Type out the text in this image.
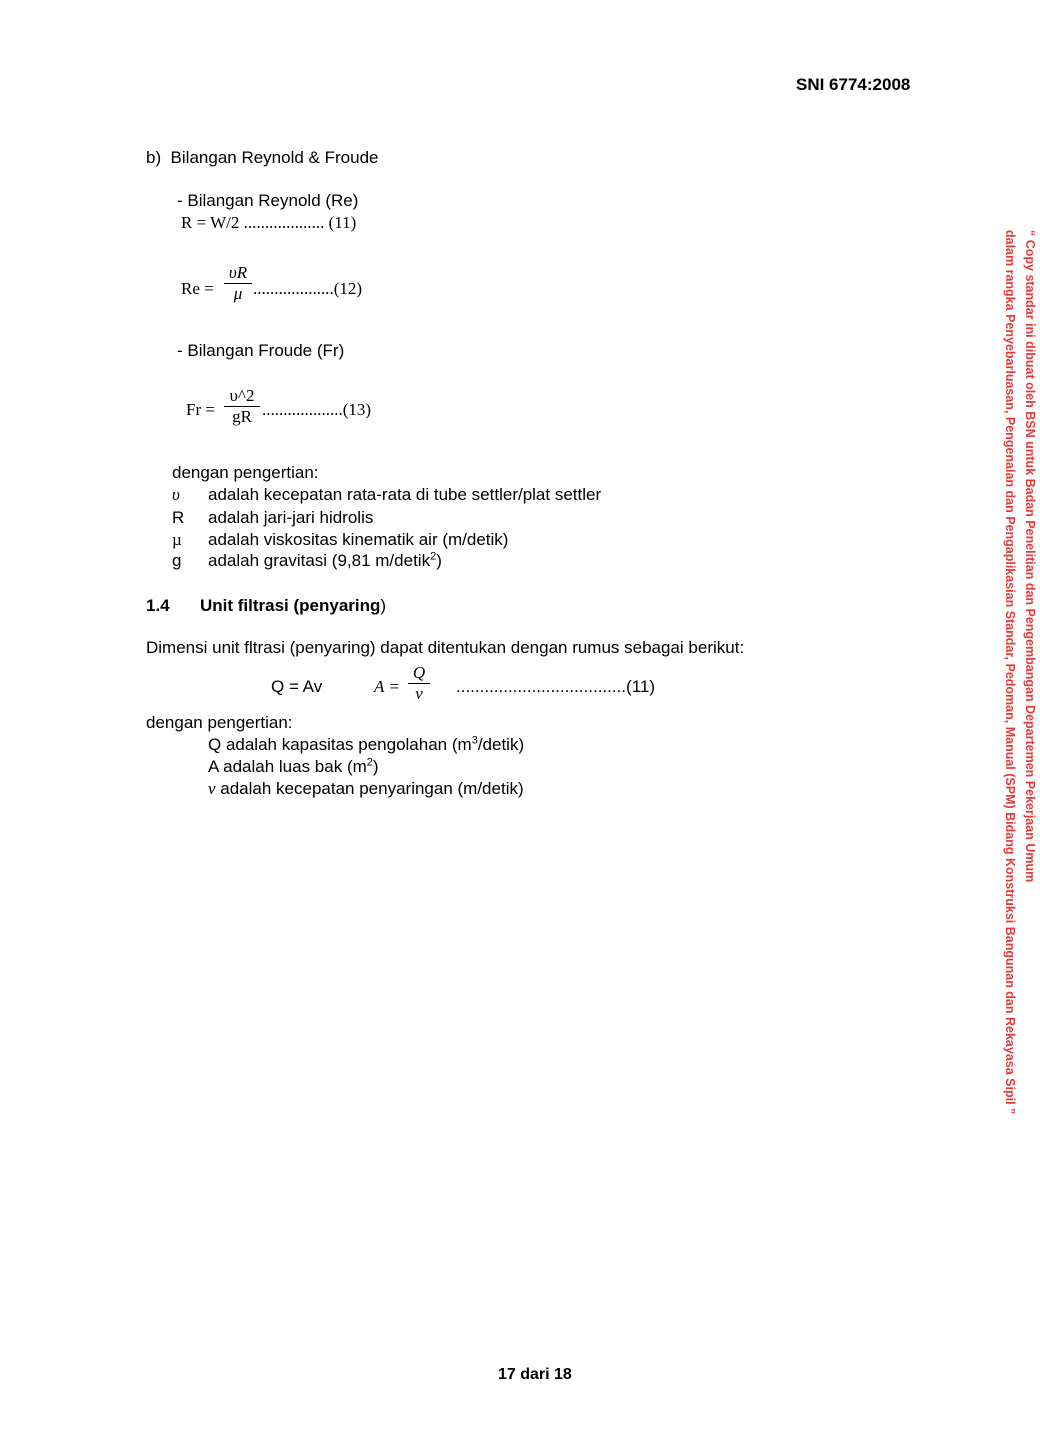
SNI 6774:2008
b)  Bilangan Reynold & Froude
- Bilangan Reynold (Re)
R = W/2 ................... (11)
Re =
υR
μ ...................(12)
- Bilangan Froude (Fr)
Fr =
υ^2
gR ...................(13)
dengan pengertian:
υ adalah kecepatan rata-rata di tube settler/plat settler
R adalah jari-jari hidrolis
µ adalah viskositas kinematik air (m/detik)
g adalah gravitasi (9,81 m/detik$^2$)
1.4 Unit filtrasi (penyaring)
Dimensi unit fltrasi (penyaring) dapat ditentukan dengan rumus sebagai berikut:
Q = Av	A =
Q
v	....................................(11)
dengan pengertian:
Q adalah kapasitas pengolahan $(m^3/detik)$
A adalah luas bak $(m^2)$
v adalah kecepatan penyaringan (m/detik)
17 dari 18
“ Copy standar ini dibuat oleh BSN untuk Badan Penelitian dan Pengembangan Departemen Pekerjaan Umum
dalam rangka Penyebarluasan, Pengenalan dan Pengaplikasian Standar, Pedoman, Manual (SPM) Bidang Konstruksi Bangunan dan Rekayasa Sipil ”
